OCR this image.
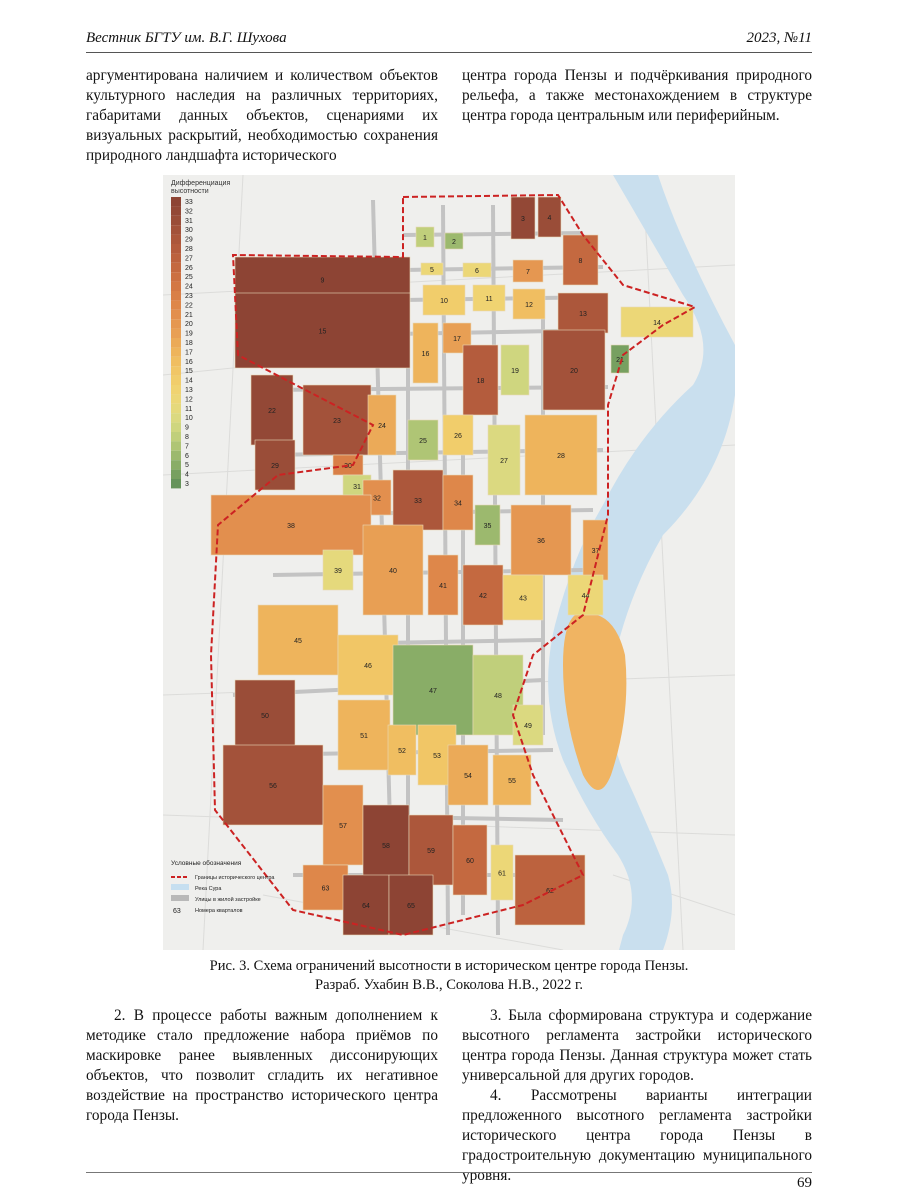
Вестник БГТУ им. В.Г. Шухова	2023, №11

аргументирована наличием и количеством объектов культурного наследия на различных территориях, габаритами данных объектов, сценариями их визуальных раскрытий, необходимостью сохранения природного ландшафта исторического

центра города Пензы и подчёркивания природного рельефа, а также местонахождением в структуре центра города центральным или периферийным.

1
2
3	4
5	6	7
8
9
10	11
12
13
14
15
16
17
18
19	20
21
22
23
24
25
26
27
28
29	30
31
32	33	34
35
36
37
38
39	40
41
42	43	44
45
46
47
48
49
50
51
52
53
54
55
56
57
58
59
60
61
62
63
64	65
Дифференциация
высотности
33
32
31
30
29
28
27
26
25
24
23
22
21
20
19
18
17
16
15
14
13
12
11
10
9
8
7
6
5
4
3
Условные обозначения
Границы исторического центра
Река Сура
Улицы в жилой застройке
63	Номера кварталов
Рис. 3. Схема ограничений высотности в историческом центре города Пензы.
Разраб. Ухабин В.В., Соколова Н.В., 2022 г.

2. В процессе работы важным дополнением к методике стало предложение набора приёмов по маскировке ранее выявленных диссонирующих объектов, что позволит сгладить их негативное воздействие на пространство исторического центра города Пензы.

3. Была сформирована структура и содержание высотного регламента застройки исторического центра города Пензы. Данная структура может стать универсальной для других городов.

4. Рассмотрены варианты интеграции предложенного высотного регламента застройки исторического центра города Пензы в градостроительную документацию муниципального уровня.	69
